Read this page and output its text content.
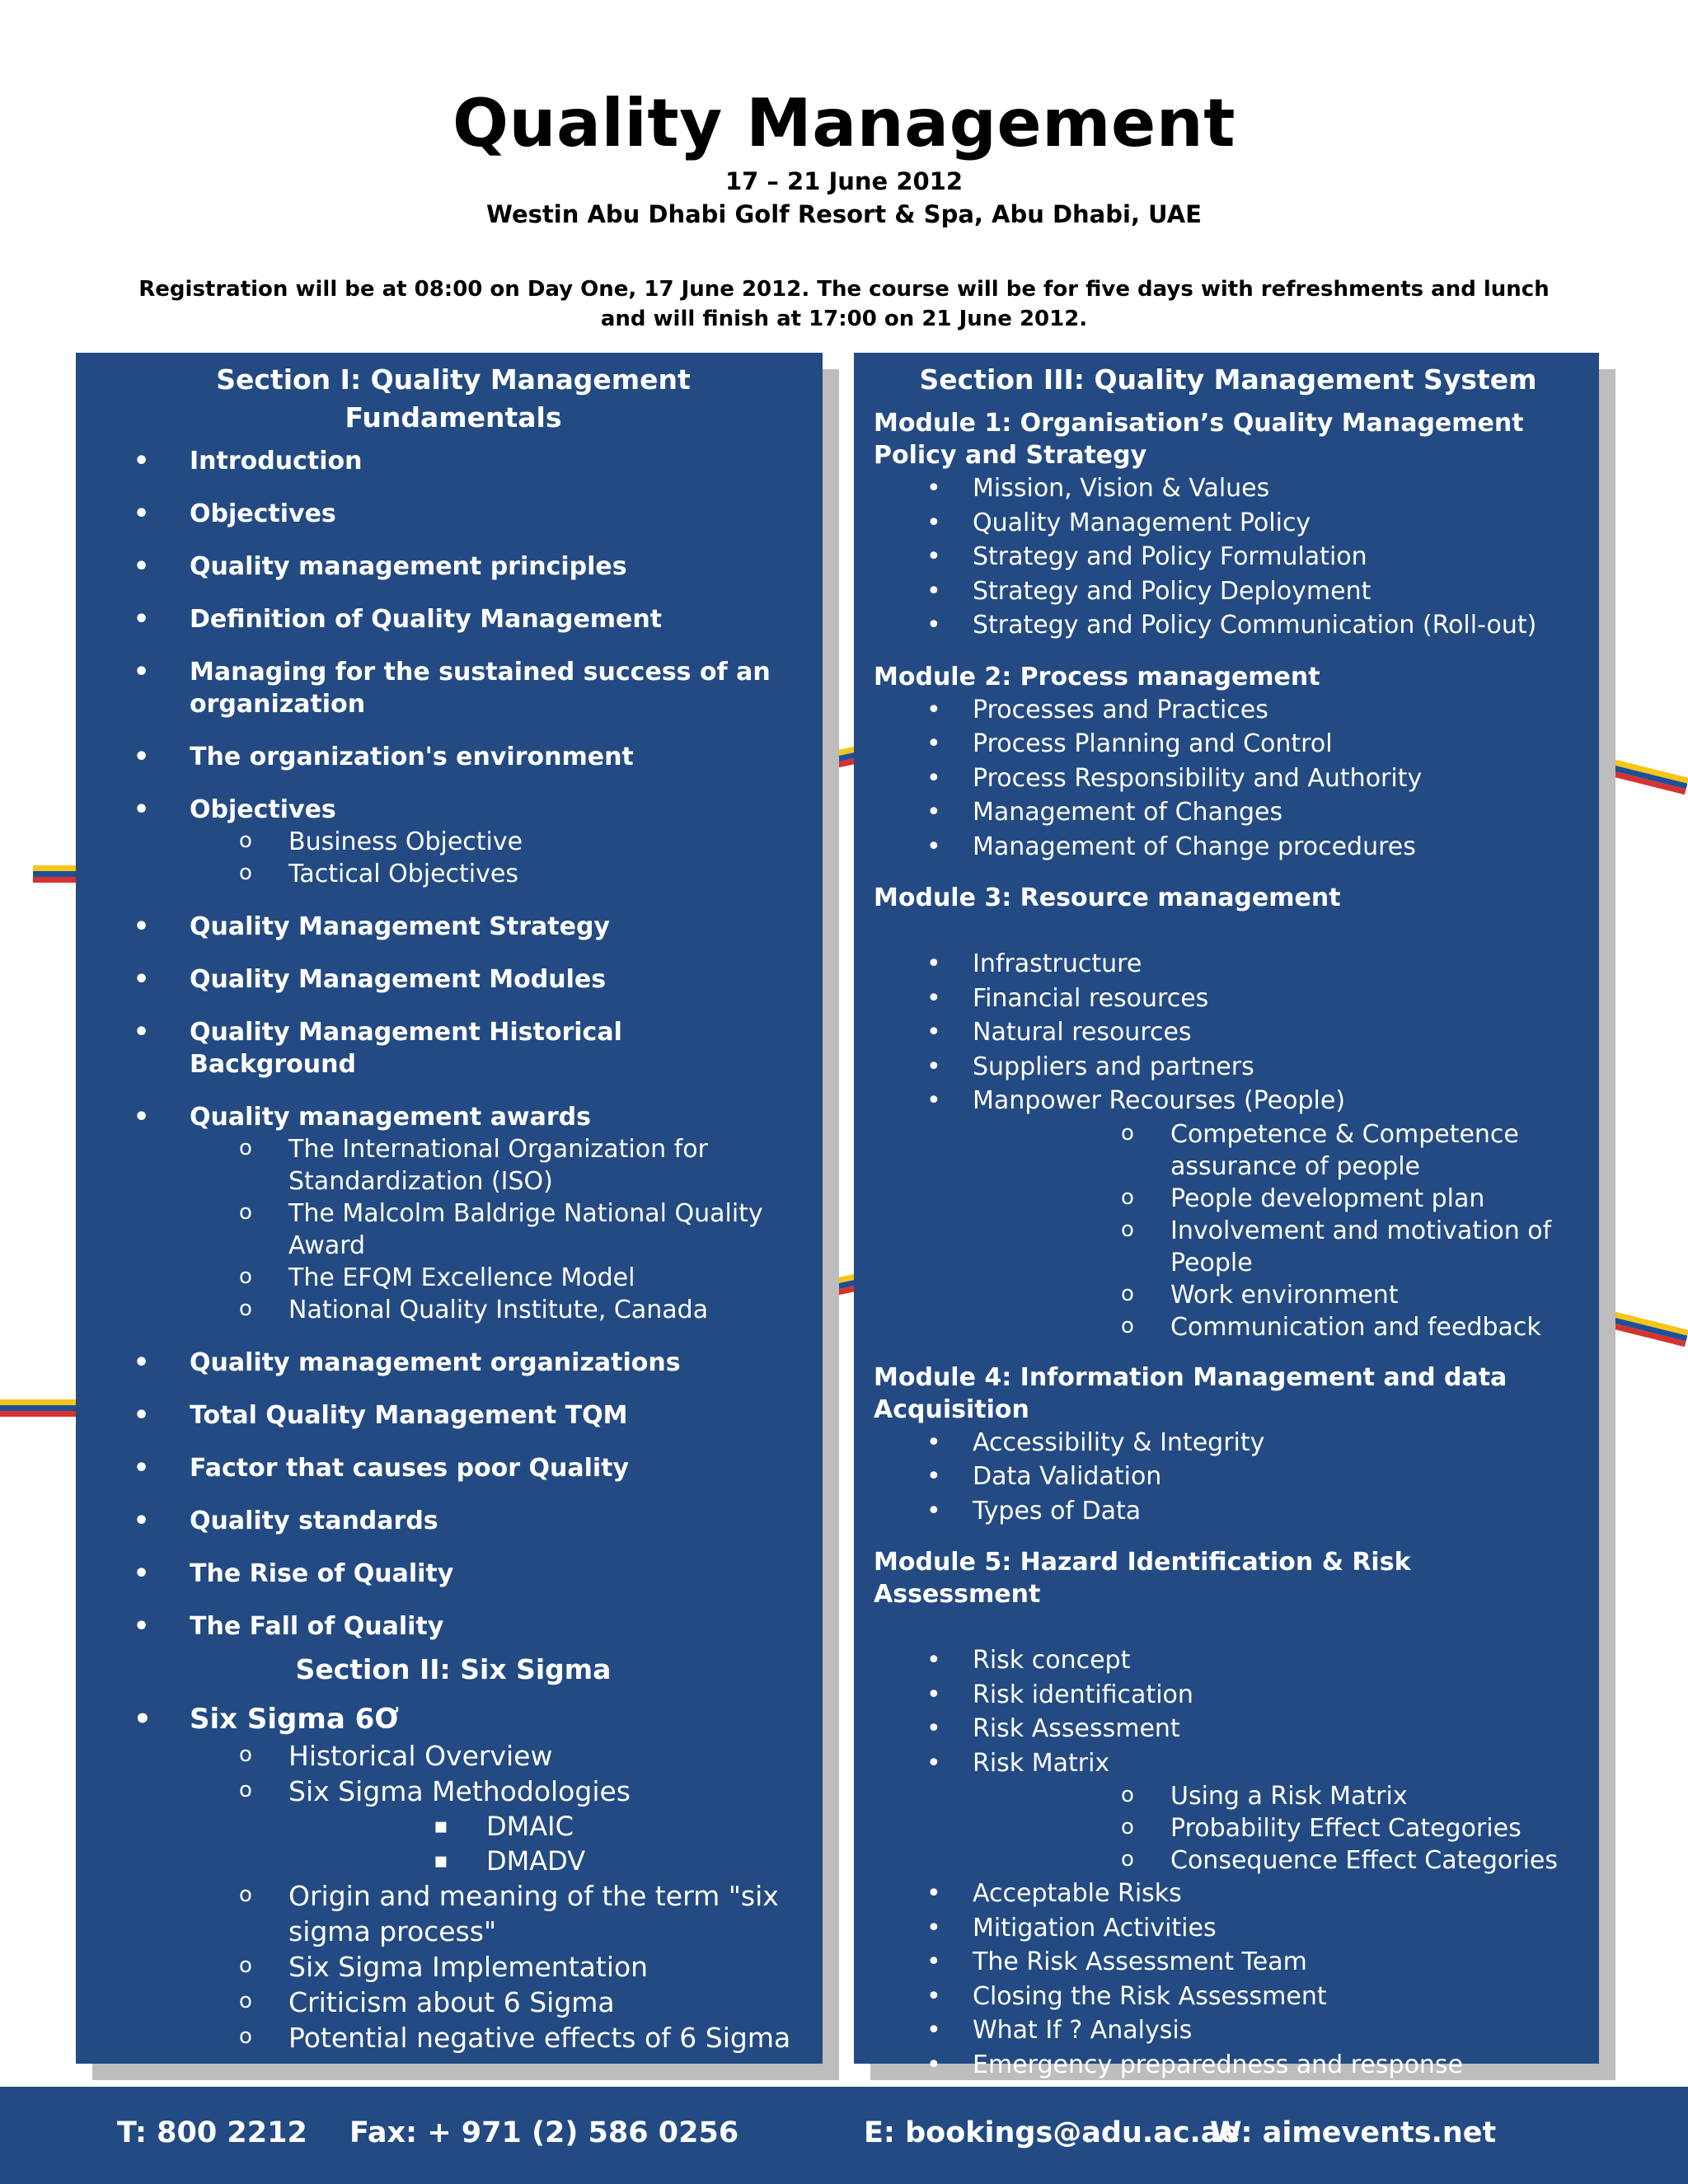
Quality Management
17 – 21 June 2012
Westin Abu Dhabi Golf Resort & Spa, Abu Dhabi, UAE
Registration will be at 08:00 on Day One, 17 June 2012. The course will be for five days with refreshments and lunch and will finish at 17:00 on 21 June 2012.
Section I: Quality Management Fundamentals
• Introduction
• Objectives
• Quality management principles
• Definition of Quality Management
• Managing for the sustained success of an organization
• The organization's environment
• Objectives
o Business Objective
o Tactical Objectives
• Quality Management Strategy
• Quality Management Modules
• Quality Management Historical Background
• Quality management awards
o The International Organization for Standardization (ISO)
o The Malcolm Baldrige National Quality Award
o The EFQM Excellence Model
o National Quality Institute, Canada
• Quality management organizations
• Total Quality Management TQM
• Factor that causes poor Quality
• Quality standards
• The Rise of Quality
• The Fall of Quality
Section II: Six Sigma
• Six Sigma 6Ơ
o Historical Overview
o Six Sigma Methodologies
▪ DMAIC
▪ DMADV
o Origin and meaning of the term "six sigma process"
o Six Sigma Implementation
o Criticism about 6 Sigma
o Potential negative effects of 6 Sigma
Section III: Quality Management System
Module 1: Organisation’s Quality Management Policy and Strategy
• Mission, Vision & Values
• Quality Management Policy
• Strategy and Policy Formulation
• Strategy and Policy Deployment
• Strategy and Policy Communication (Roll-out)
Module 2: Process management
• Processes and Practices
• Process Planning and Control
• Process Responsibility and Authority
• Management of Changes
• Management of Change procedures
Module 3: Resource management
• Infrastructure
• Financial resources
• Natural resources
• Suppliers and partners
• Manpower Recourses (People)
o Competence & Competence assurance of people
o People development plan
o Involvement and motivation of People
o Work environment
o Communication and feedback
Module 4: Information Management and data Acquisition
• Accessibility & Integrity
• Data Validation
• Types of Data
Module 5: Hazard Identification & Risk Assessment
• Risk concept
• Risk identification
• Risk Assessment
• Risk Matrix
o Using a Risk Matrix
o Probability Effect Categories
o Consequence Effect Categories
• Acceptable Risks
• Mitigation Activities
• The Risk Assessment Team
• Closing the Risk Assessment
• What If ? Analysis
• Emergency preparedness and response
T: 800 2212 Fax: + 971 (2) 586 0256	E: bookings@adu.ac.ae
W: aimevents.net
